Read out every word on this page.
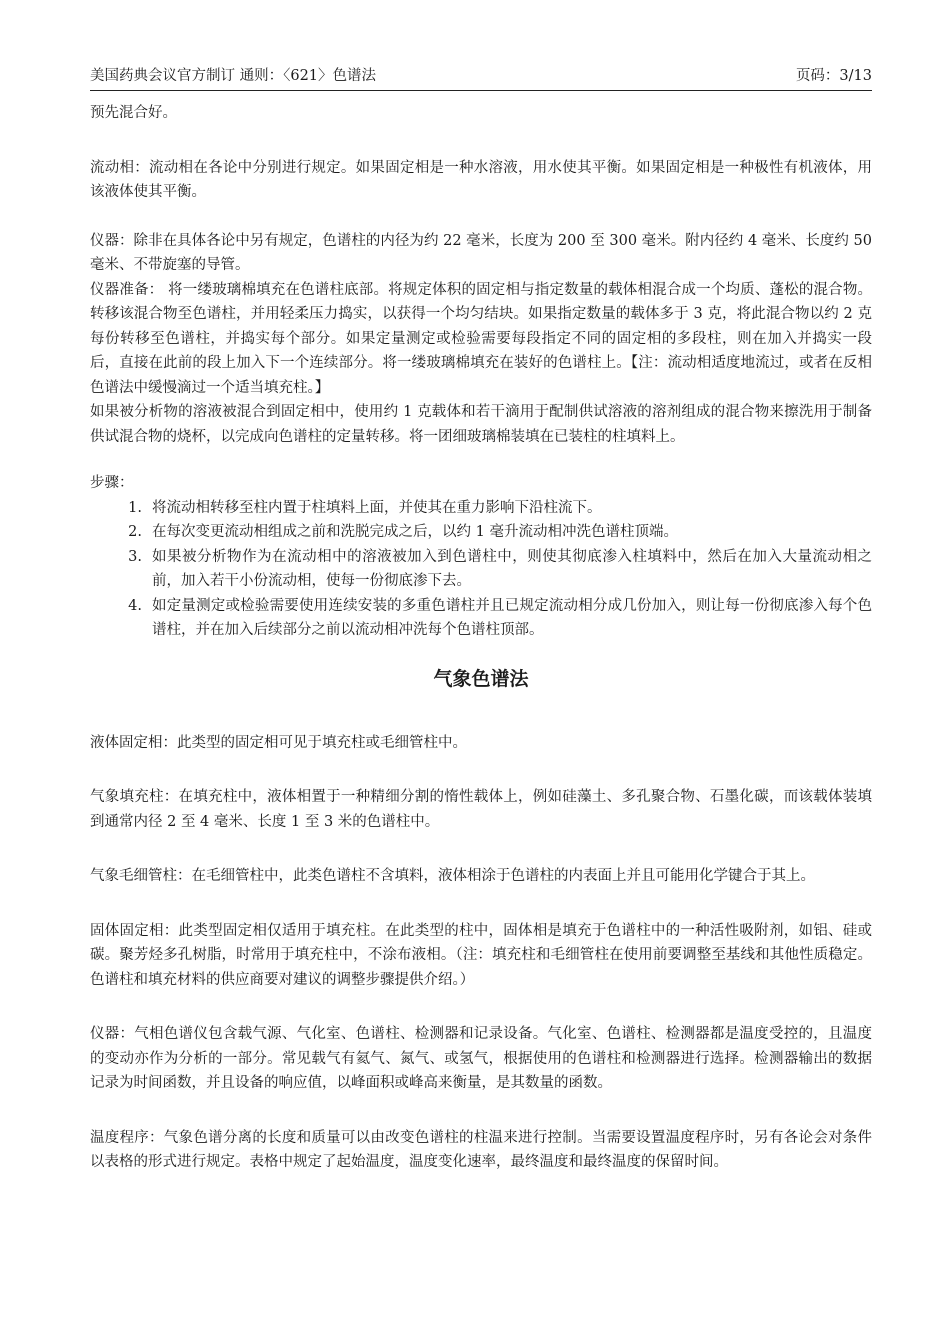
美国药典会议官方制订 通则：〈621〉色谱法	页码：3/13

预先混合好。

流动相：流动相在各论中分别进行规定。如果固定相是一种水溶液，用水使其平衡。如果固定相是一种极性有机液体，用该液体使其平衡。

仪器：除非在具体各论中另有规定，色谱柱的内径为约 22 毫米，长度为 200 至 300 毫米。附内径约 4 毫米、长度约 50 毫米、不带旋塞的导管。

仪器准备： 将一缕玻璃棉填充在色谱柱底部。将规定体积的固定相与指定数量的载体相混合成一个均质、蓬松的混合物。转移该混合物至色谱柱，并用轻柔压力捣实，以获得一个均匀结块。如果指定数量的载体多于 3 克，将此混合物以约 2 克每份转移至色谱柱，并捣实每个部分。如果定量测定或检验需要每段指定不同的固定相的多段柱，则在加入并捣实一段后，直接在此前的段上加入下一个连续部分。将一缕玻璃棉填充在装好的色谱柱上。【注：流动相适度地流过，或者在反相色谱法中缓慢滴过一个适当填充柱。】

如果被分析物的溶液被混合到固定相中，使用约 1 克载体和若干滴用于配制供试溶液的溶剂组成的混合物来擦洗用于制备供试混合物的烧杯，以完成向色谱柱的定量转移。将一团细玻璃棉装填在已装柱的柱填料上。

步骤：

1. 将流动相转移至柱内置于柱填料上面，并使其在重力影响下沿柱流下。
2. 在每次变更流动相组成之前和洗脱完成之后，以约 1 毫升流动相冲洗色谱柱顶端。
3. 如果被分析物作为在流动相中的溶液被加入到色谱柱中，则使其彻底渗入柱填料中，然后在加入大量流动相之前，加入若干小份流动相，使每一份彻底渗下去。
4. 如定量测定或检验需要使用连续安装的多重色谱柱并且已规定流动相分成几份加入，则让每一份彻底渗入每个色谱柱，并在加入后续部分之前以流动相冲洗每个色谱柱顶部。
气象色谱法

液体固定相：此类型的固定相可见于填充柱或毛细管柱中。

气象填充柱：在填充柱中，液体相置于一种精细分割的惰性载体上，例如硅藻土、多孔聚合物、石墨化碳，而该载体装填到通常内径 2 至 4 毫米、长度 1 至 3 米的色谱柱中。

气象毛细管柱：在毛细管柱中，此类色谱柱不含填料，液体相涂于色谱柱的内表面上并且可能用化学键合于其上。

固体固定相：此类型固定相仅适用于填充柱。在此类型的柱中，固体相是填充于色谱柱中的一种活性吸附剂，如铝、硅或碳。聚芳烃多孔树脂，时常用于填充柱中，不涂布液相。（注：填充柱和毛细管柱在使用前要调整至基线和其他性质稳定。色谱柱和填充材料的供应商要对建议的调整步骤提供介绍。）

仪器：气相色谱仪包含载气源、气化室、色谱柱、检测器和记录设备。气化室、色谱柱、检测器都是温度受控的，且温度的变动亦作为分析的一部分。常见载气有氦气、氮气、或氢气，根据使用的色谱柱和检测器进行选择。检测器输出的数据记录为时间函数，并且设备的响应值，以峰面积或峰高来衡量，是其数量的函数。

温度程序：气象色谱分离的长度和质量可以由改变色谱柱的柱温来进行控制。当需要设置温度程序时，另有各论会对条件以表格的形式进行规定。表格中规定了起始温度，温度变化速率，最终温度和最终温度的保留时间。
